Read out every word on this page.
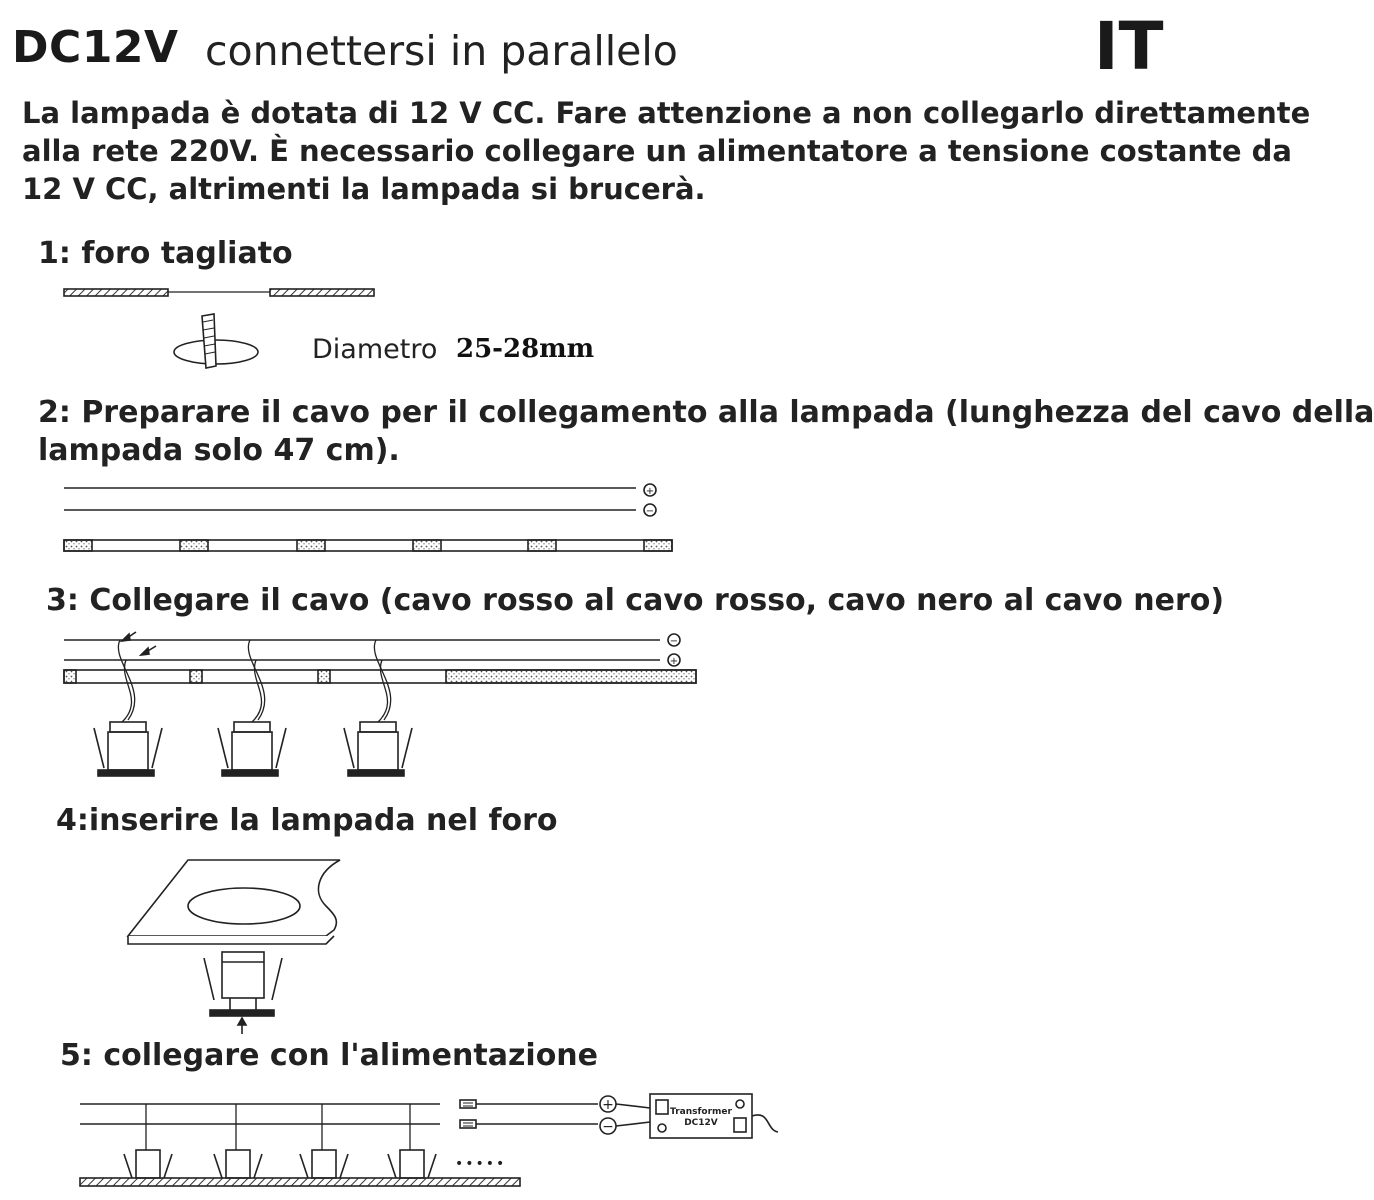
DC12V connettersi in parallelo	IT
La lampada è dotata di 12 V CC. Fare attenzione a non collegarlo direttamente
alla rete 220V. È necessario collegare un alimentatore a tensione costante da
12 V CC, altrimenti la lampada si brucerà.
1: foro tagliato
Diametro 25-28mm
2: Preparare il cavo per il collegamento alla lampada (lunghezza del cavo della
lampada solo 47 cm).
3: Collegare il cavo (cavo rosso al cavo rosso, cavo nero al cavo nero)
4:inserire la lampada nel foro
5: collegare con l'alimentazione
+
−
−
+
+
−
Transformer
DC12V
•••••
